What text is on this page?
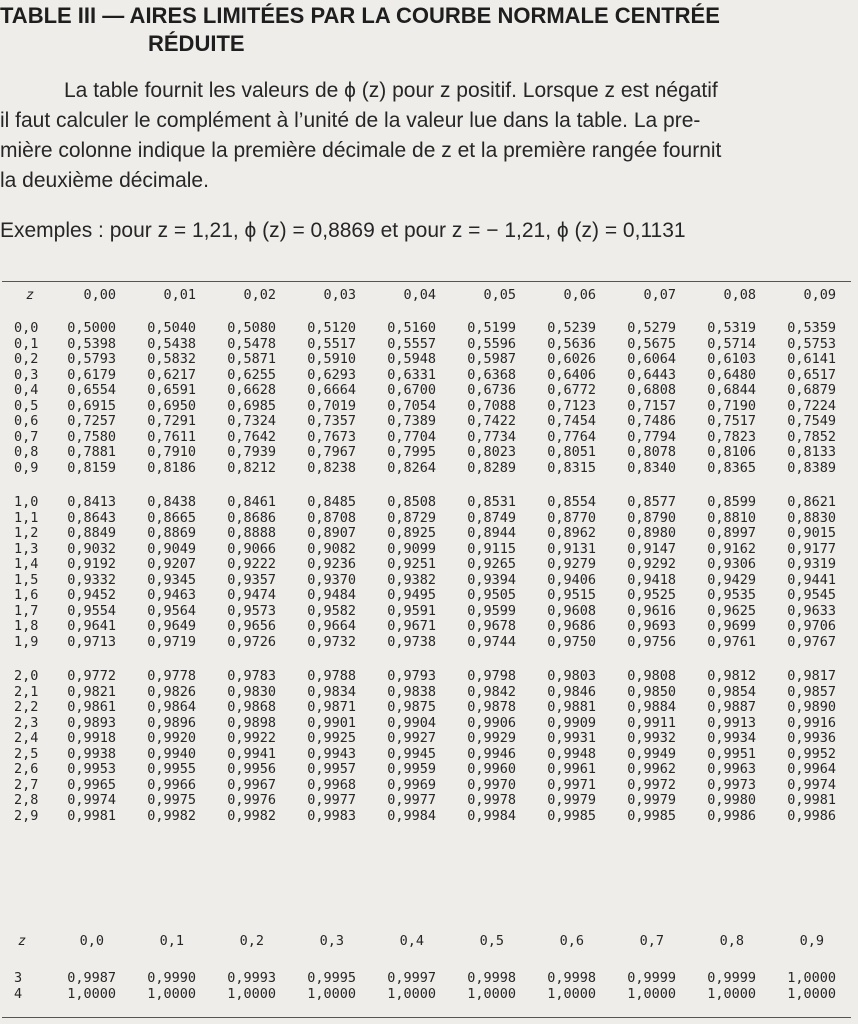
TABLE III — AIRES LIMITÉES PAR LA COURBE NORMALE CENTRÉE
RÉDUITE

La table fournit les valeurs de ϕ (z) pour z positif. Lorsque z est négatif

il faut calculer le complément à l’unité de la valeur lue dans la table. La pre-

mière colonne indique la première décimale de z et la première rangée fournit

la deuxième décimale.

Exemples : pour z = 1,21, ϕ (z) = 0,8869 et pour z = − 1,21, ϕ (z) = 0,1131
z	0,00	0,01	0,02	0,03	0,04	0,05	0,06	0,07	0,08	0,09
0,0	0,5000	0,5040	0,5080	0,5120	0,5160	0,5199	0,5239	0,5279	0,5319	0,5359
0,1	0,5398	0,5438	0,5478	0,5517	0,5557	0,5596	0,5636	0,5675	0,5714	0,5753
0,2	0,5793	0,5832	0,5871	0,5910	0,5948	0,5987	0,6026	0,6064	0,6103	0,6141
0,3	0,6179	0,6217	0,6255	0,6293	0,6331	0,6368	0,6406	0,6443	0,6480	0,6517
0,4	0,6554	0,6591	0,6628	0,6664	0,6700	0,6736	0,6772	0,6808	0,6844	0,6879
0,5	0,6915	0,6950	0,6985	0,7019	0,7054	0,7088	0,7123	0,7157	0,7190	0,7224
0,6	0,7257	0,7291	0,7324	0,7357	0,7389	0,7422	0,7454	0,7486	0,7517	0,7549
0,7	0,7580	0,7611	0,7642	0,7673	0,7704	0,7734	0,7764	0,7794	0,7823	0,7852
0,8	0,7881	0,7910	0,7939	0,7967	0,7995	0,8023	0,8051	0,8078	0,8106	0,8133
0,9	0,8159	0,8186	0,8212	0,8238	0,8264	0,8289	0,8315	0,8340	0,8365	0,8389
1,0	0,8413	0,8438	0,8461	0,8485	0,8508	0,8531	0,8554	0,8577	0,8599	0,8621
1,1	0,8643	0,8665	0,8686	0,8708	0,8729	0,8749	0,8770	0,8790	0,8810	0,8830
1,2	0,8849	0,8869	0,8888	0,8907	0,8925	0,8944	0,8962	0,8980	0,8997	0,9015
1,3	0,9032	0,9049	0,9066	0,9082	0,9099	0,9115	0,9131	0,9147	0,9162	0,9177
1,4	0,9192	0,9207	0,9222	0,9236	0,9251	0,9265	0,9279	0,9292	0,9306	0,9319
1,5	0,9332	0,9345	0,9357	0,9370	0,9382	0,9394	0,9406	0,9418	0,9429	0,9441
1,6	0,9452	0,9463	0,9474	0,9484	0,9495	0,9505	0,9515	0,9525	0,9535	0,9545
1,7	0,9554	0,9564	0,9573	0,9582	0,9591	0,9599	0,9608	0,9616	0,9625	0,9633
1,8	0,9641	0,9649	0,9656	0,9664	0,9671	0,9678	0,9686	0,9693	0,9699	0,9706
1,9	0,9713	0,9719	0,9726	0,9732	0,9738	0,9744	0,9750	0,9756	0,9761	0,9767
2,0	0,9772	0,9778	0,9783	0,9788	0,9793	0,9798	0,9803	0,9808	0,9812	0,9817
2,1	0,9821	0,9826	0,9830	0,9834	0,9838	0,9842	0,9846	0,9850	0,9854	0,9857
2,2	0,9861	0,9864	0,9868	0,9871	0,9875	0,9878	0,9881	0,9884	0,9887	0,9890
2,3	0,9893	0,9896	0,9898	0,9901	0,9904	0,9906	0,9909	0,9911	0,9913	0,9916
2,4	0,9918	0,9920	0,9922	0,9925	0,9927	0,9929	0,9931	0,9932	0,9934	0,9936
2,5	0,9938	0,9940	0,9941	0,9943	0,9945	0,9946	0,9948	0,9949	0,9951	0,9952
2,6	0,9953	0,9955	0,9956	0,9957	0,9959	0,9960	0,9961	0,9962	0,9963	0,9964
2,7	0,9965	0,9966	0,9967	0,9968	0,9969	0,9970	0,9971	0,9972	0,9973	0,9974
2,8	0,9974	0,9975	0,9976	0,9977	0,9977	0,9978	0,9979	0,9979	0,9980	0,9981
2,9	0,9981	0,9982	0,9982	0,9983	0,9984	0,9984	0,9985	0,9985	0,9986	0,9986
z	0,0	0,1	0,2	0,3	0,4	0,5	0,6	0,7	0,8	0,9
3	0,9987	0,9990	0,9993	0,9995	0,9997	0,9998	0,9998	0,9999	0,9999	1,0000
4	1,0000	1,0000	1,0000	1,0000	1,0000	1,0000	1,0000	1,0000	1,0000	1,0000
